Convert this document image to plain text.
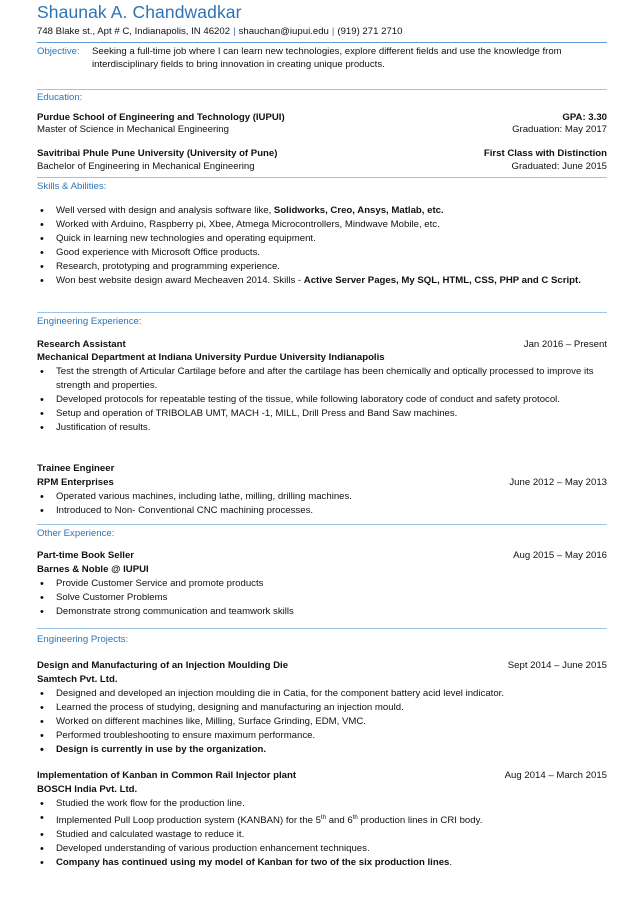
Shaunak A. Chandwadkar
748 Blake st., Apt # C, Indianapolis, IN 46202 | shauchan@iupui.edu | (919) 271 2710
Objective: Seeking a full-time job where I can learn new technologies, explore different fields and use the knowledge from interdisciplinary fields to bring innovation in creating unique products.
Education:
Purdue School of Engineering and Technology (IUPUI)	GPA: 3.30
Master of Science in Mechanical Engineering	Graduation: May 2017
Savitribai Phule Pune University (University of Pune)	First Class with Distinction
Bachelor of Engineering in Mechanical Engineering	Graduated: June 2015
Skills & Abilities:
• Well versed with design and analysis software like, Solidworks, Creo, Ansys, Matlab, etc.
• Worked with Arduino, Raspberry pi, Xbee, Atmega Microcontrollers, Mindwave Mobile, etc.
• Quick in learning new technologies and operating equipment.
• Good experience with Microsoft Office products.
• Research, prototyping and programming experience.
• Won best website design award Mecheaven 2014. Skills - Active Server Pages, My SQL, HTML, CSS, PHP and C Script.
Engineering Experience:
Research Assistant	Jan 2016 – Present
Mechanical Department at Indiana University Purdue University Indianapolis
• Test the strength of Articular Cartilage before and after the cartilage has been chemically and optically processed to improve its strength and properties.
• Developed protocols for repeatable testing of the tissue, while following laboratory code of conduct and safety protocol.
• Setup and operation of TRIBOLAB UMT, MACH -1, MILL, Drill Press and Band Saw machines.
• Justification of results.
Trainee Engineer
RPM Enterprises	June 2012 – May 2013
• Operated various machines, including lathe, milling, drilling machines.
• Introduced to Non- Conventional CNC machining processes.
Other Experience:
Part-time Book Seller	Aug 2015 – May 2016
Barnes & Noble @ IUPUI
• Provide Customer Service and promote products
• Solve Customer Problems
• Demonstrate strong communication and teamwork skills
Engineering Projects:
Design and Manufacturing of an Injection Moulding Die	Sept 2014 – June 2015
Samtech Pvt. Ltd.
• Designed and developed an injection moulding die in Catia, for the component battery acid level indicator.
• Learned the process of studying, designing and manufacturing an injection mould.
• Worked on different machines like, Milling, Surface Grinding, EDM, VMC.
• Performed troubleshooting to ensure maximum performance.
• Design is currently in use by the organization.
Implementation of Kanban in Common Rail Injector plant	Aug 2014 – March 2015
BOSCH India Pvt. Ltd.
• Studied the work flow for the production line.
• Implemented Pull Loop production system (KANBAN) for the 5th and 6th production lines in CRI body.
• Studied and calculated wastage to reduce it.
• Developed understanding of various production enhancement techniques.
• Company has continued using my model of Kanban for two of the six production lines.
